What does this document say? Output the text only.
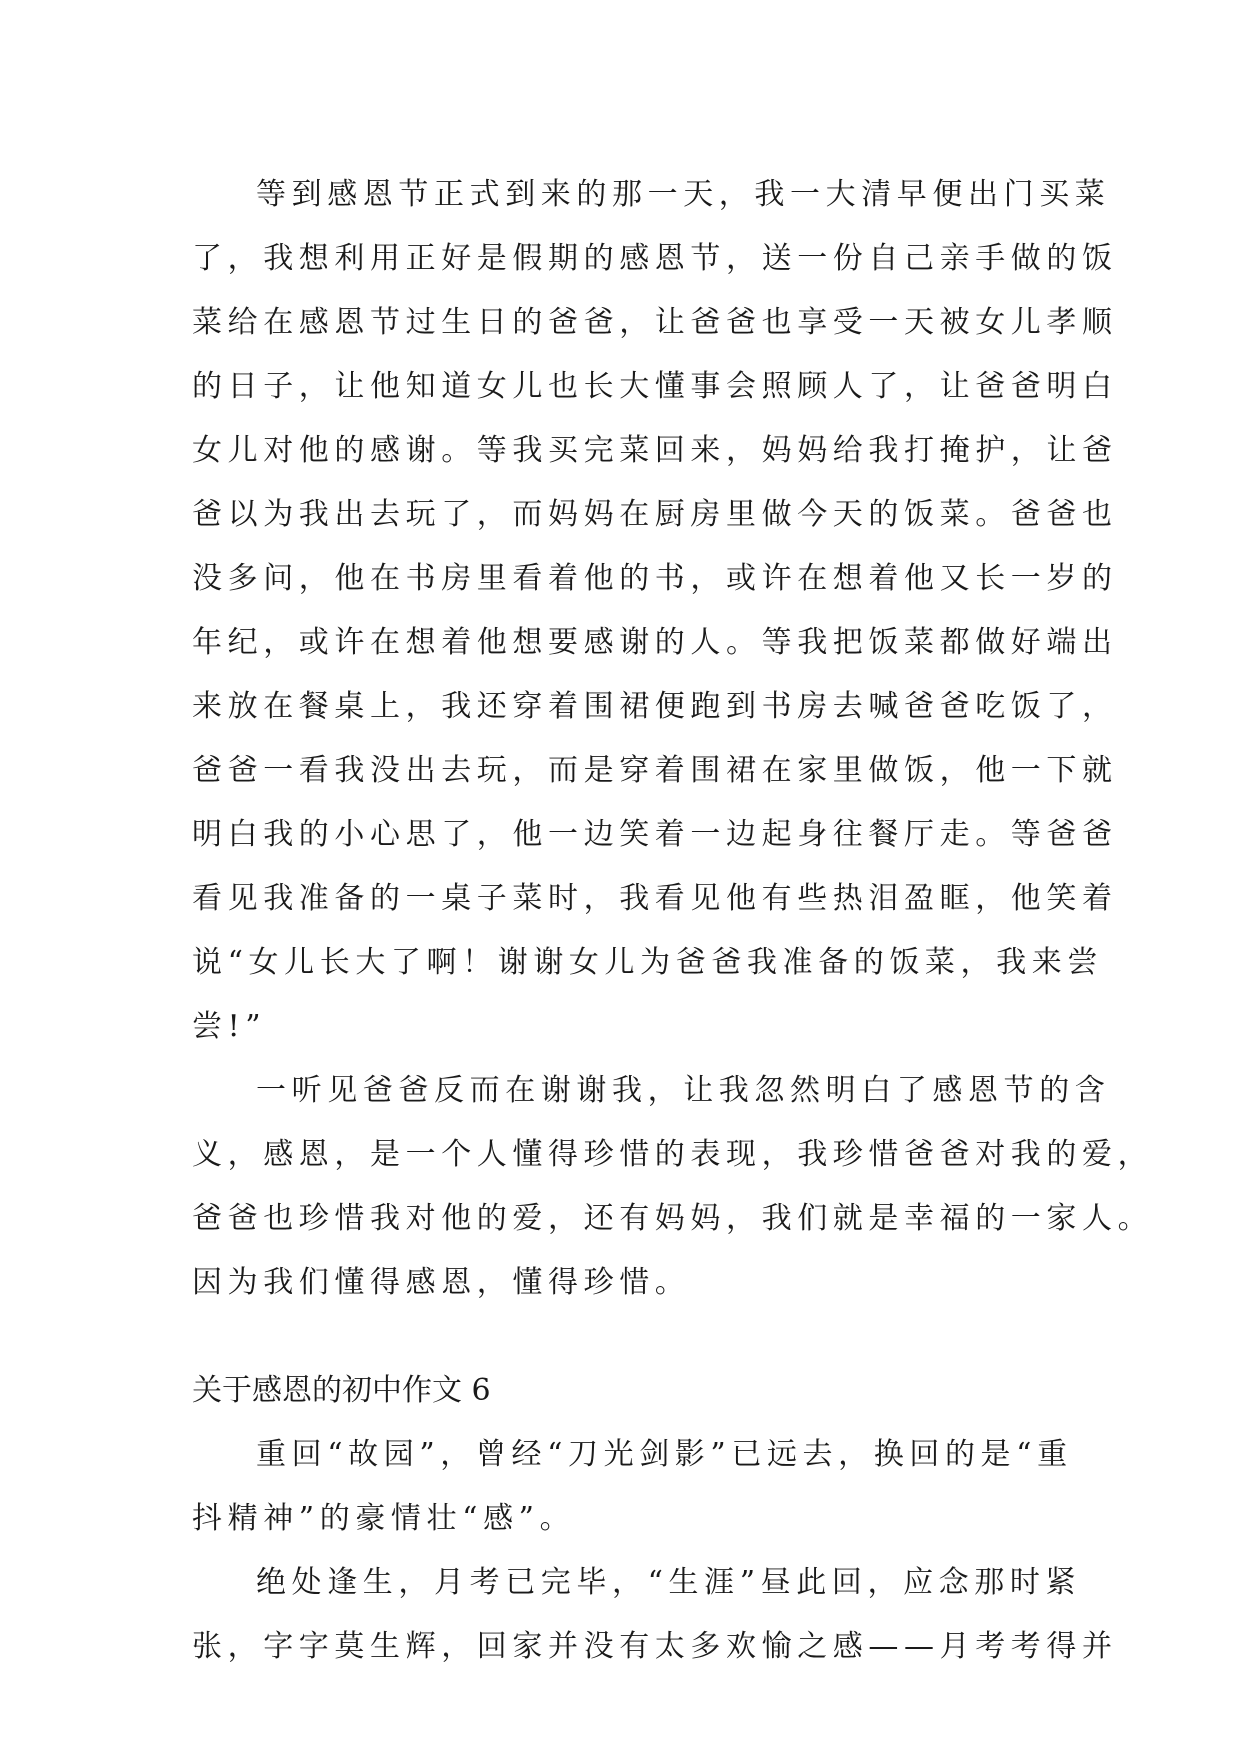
等到感恩节正式到来的那一天，我一大清早便出门买菜
了，我想利用正好是假期的感恩节，送一份自己亲手做的饭
菜给在感恩节过生日的爸爸，让爸爸也享受一天被女儿孝顺
的日子，让他知道女儿也长大懂事会照顾人了，让爸爸明白
女儿对他的感谢。等我买完菜回来，妈妈给我打掩护，让爸
爸以为我出去玩了，而妈妈在厨房里做今天的饭菜。爸爸也
没多问，他在书房里看着他的书，或许在想着他又长一岁的
年纪，或许在想着他想要感谢的人。等我把饭菜都做好端出
来放在餐桌上，我还穿着围裙便跑到书房去喊爸爸吃饭了，
爸爸一看我没出去玩，而是穿着围裙在家里做饭，他一下就
明白我的小心思了，他一边笑着一边起身往餐厅走。等爸爸
看见我准备的一桌子菜时，我看见他有些热泪盈眶，他笑着
说“女儿长大了啊！谢谢女儿为爸爸我准备的饭菜，我来尝
尝!”
一听见爸爸反而在谢谢我，让我忽然明白了感恩节的含
义，感恩，是一个人懂得珍惜的表现，我珍惜爸爸对我的爱，
爸爸也珍惜我对他的爱，还有妈妈，我们就是幸福的一家人。
因为我们懂得感恩，懂得珍惜。
关于感恩的初中作文 6
重回“故园”，曾经“刀光剑影”已远去，换回的是“重
抖精神”的豪情壮“感”。
绝处逢生，月考已完毕，“生涯”昼此回，应念那时紧
张，字字莫生辉，回家并没有太多欢愉之感——月考考得并
